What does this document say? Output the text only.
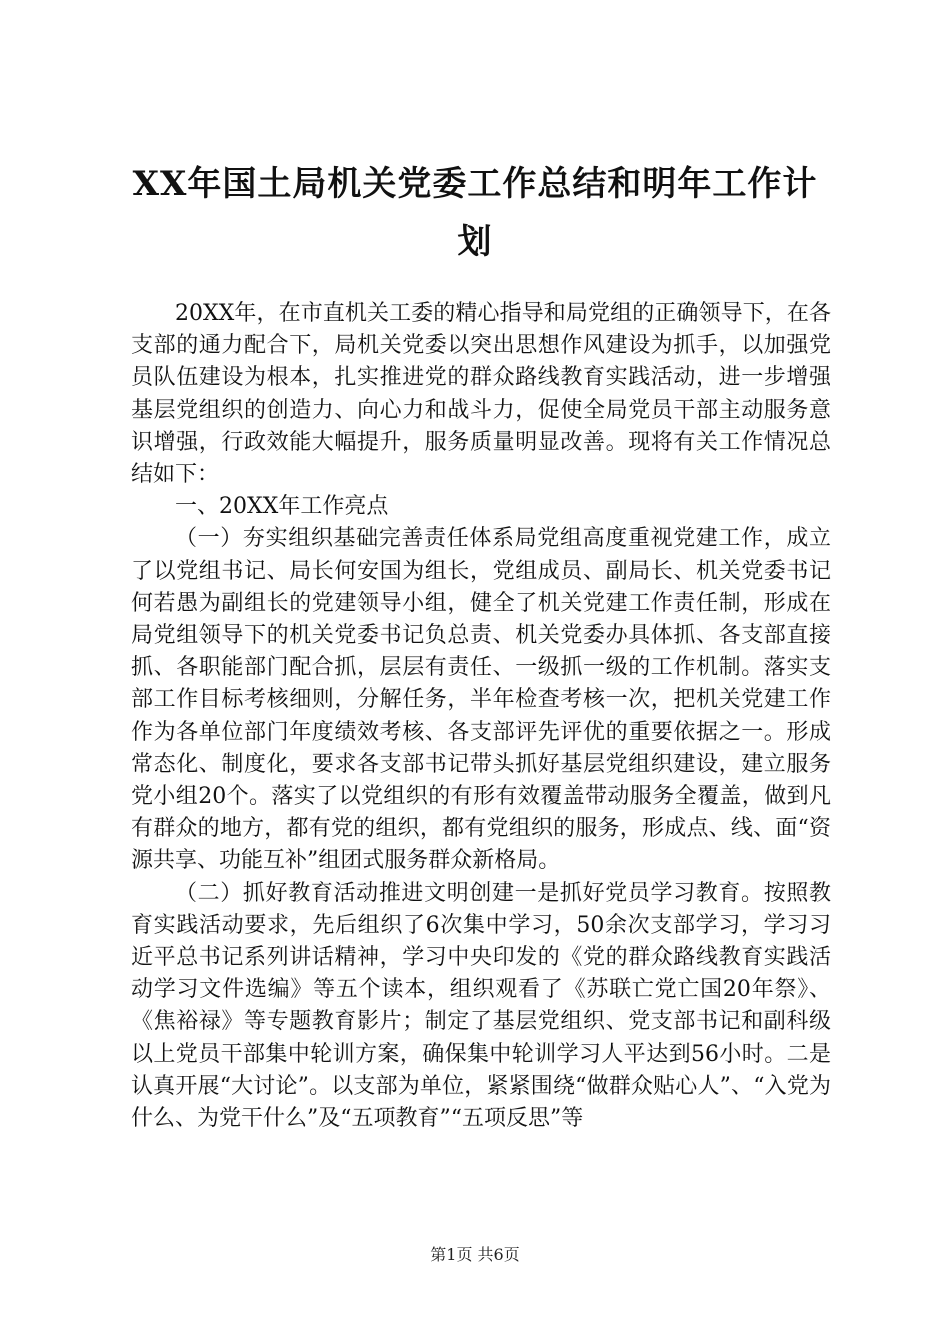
XX年国土局机关党委工作总结和明年工作计
划

20XX年，在市直机关工委的精心指导和局党组的正确领导下，在各支部的通力配合下，局机关党委以突出思想作风建设为抓手，以加强党员队伍建设为根本，扎实推进党的群众路线教育实践活动，进一步增强基层党组织的创造力、向心力和战斗力，促使全局党员干部主动服务意识增强，行政效能大幅提升，服务质量明显改善。现将有关工作情况总结如下：

一、20XX年工作亮点

（一）夯实组织基础完善责任体系局党组高度重视党建工作，成立了以党组书记、局长何安国为组长，党组成员、副局长、机关党委书记何若愚为副组长的党建领导小组，健全了机关党建工作责任制，形成在局党组领导下的机关党委书记负总责、机关党委办具体抓、各支部直接抓、各职能部门配合抓，层层有责任、一级抓一级的工作机制。落实支部工作目标考核细则，分解任务，半年检查考核一次，把机关党建工作作为各单位部门年度绩效考核、各支部评先评优的重要依据之一。形成常态化、制度化，要求各支部书记带头抓好基层党组织建设，建立服务党小组20个。落实了以党组织的有形有效覆盖带动服务全覆盖，做到凡有群众的地方，都有党的组织，都有党组织的服务，形成点、线、面“资源共享、功能互补”组团式服务群众新格局。

（二）抓好教育活动推进文明创建一是抓好党员学习教育。按照教育实践活动要求，先后组织了6次集中学习，50余次支部学习，学习习近平总书记系列讲话精神，学习中央印发的《党的群众路线教育实践活动学习文件选编》等五个读本，组织观看了《苏联亡党亡国20年祭》、《焦裕禄》等专题教育影片；制定了基层党组织、党支部书记和副科级以上党员干部集中轮训方案，确保集中轮训学习人平达到56小时。二是认真开展“大讨论”。以支部为单位，紧紧围绕“做群众贴心人”、“入党为什么、为党干什么”及“五项教育”“五项反思”等

第1页 共6页
